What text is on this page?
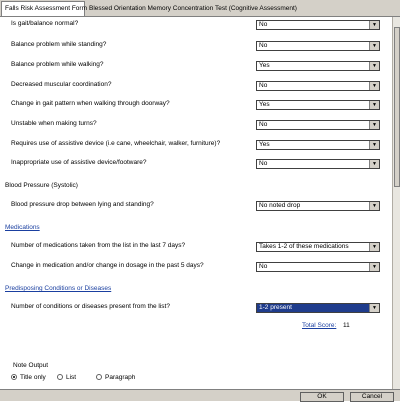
Falls Risk Assessment Form Blessed Orientation Memory Concentration Test (Cognitive Assessment)
Is gait/balance normal?	No	▼
Balance problem while standing?	No	▼
Balance problem while walking?	Yes	▼
Decreased muscular coordination?	No	▼
Change in gait pattern when walking through doorway?	Yes	▼
Unstable when making turns?	No	▼
Requires use of assistive device (i.e cane, wheelchair, walker, furniture)?	Yes	▼
Inappropriate use of assistive device/footware?	No	▼
Blood Pressure (Systolic)
Blood pressure drop between lying and standing?	No noted drop	▼
Medications
Number of medications taken from the list in the last 7 days?	Takes 1-2 of these medications	▼
Change in medication and/or change in dosage in the past 5 days?	No	▼
Predisposing Conditions or Diseases
Number of conditions or diseases present from the list?	1-2 present	▼
Total Score: 11
Note Output
Title only	List	Paragraph
OK	Cancel
